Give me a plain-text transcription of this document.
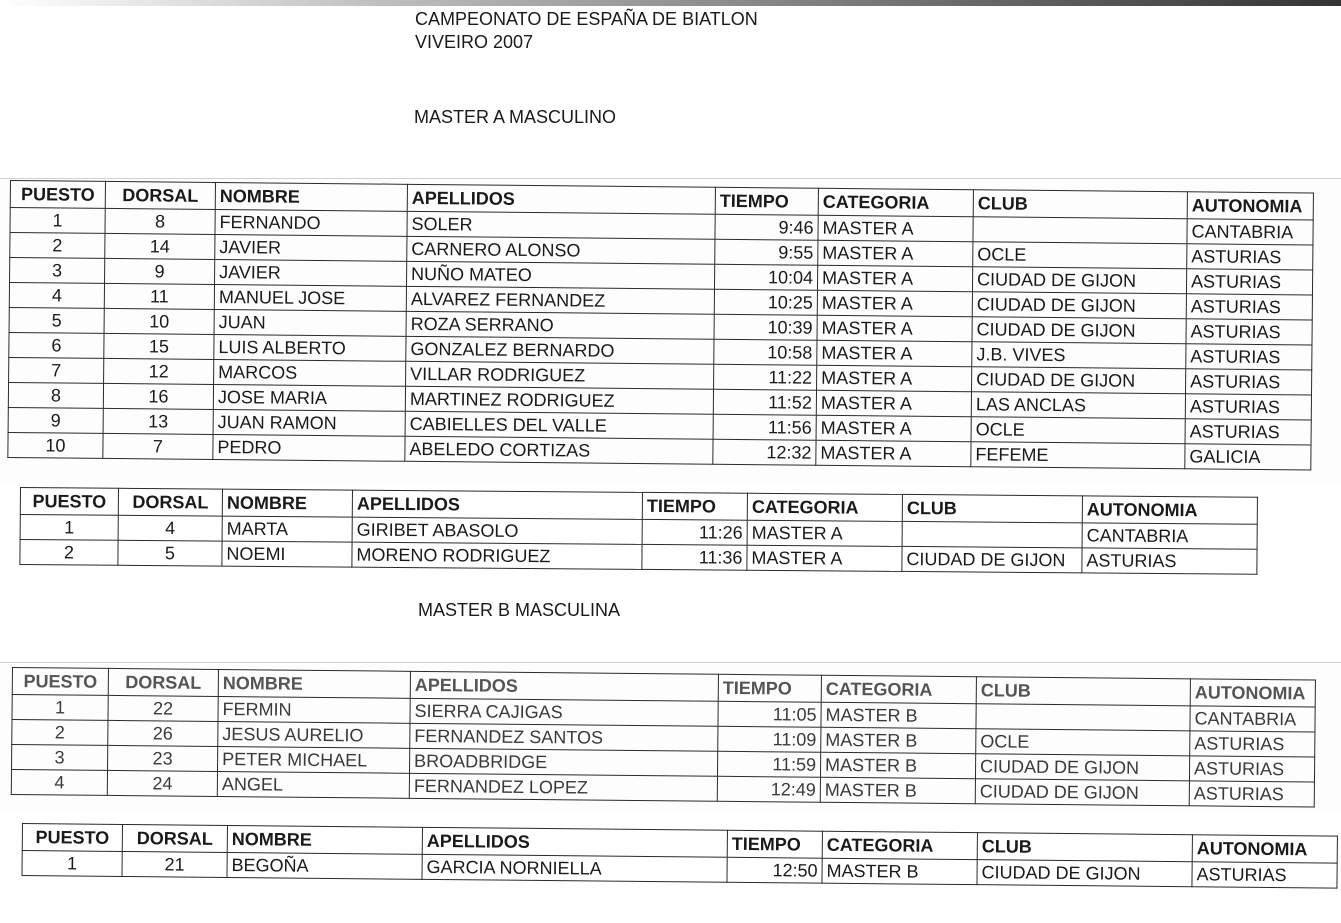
CAMPEONATO DE ESPAÑA DE BIATLON
VIVEIRO 2007
MASTER A MASCULINO
PUESTO	DORSAL	NOMBRE	APELLIDOS	TIEMPO	CATEGORIA	CLUB	AUTONOMIA
1	8	FERNANDO	SOLER	9:46	MASTER A		CANTABRIA
2	14	JAVIER	CARNERO ALONSO	9:55	MASTER A	OCLE	ASTURIAS
3	9	JAVIER	NUÑO MATEO	10:04	MASTER A	CIUDAD DE GIJON	ASTURIAS
4	11	MANUEL JOSE	ALVAREZ FERNANDEZ	10:25	MASTER A	CIUDAD DE GIJON	ASTURIAS
5	10	JUAN	ROZA SERRANO	10:39	MASTER A	CIUDAD DE GIJON	ASTURIAS
6	15	LUIS ALBERTO	GONZALEZ BERNARDO	10:58	MASTER A	J.B. VIVES	ASTURIAS
7	12	MARCOS	VILLAR RODRIGUEZ	11:22	MASTER A	CIUDAD DE GIJON	ASTURIAS
8	16	JOSE MARIA	MARTINEZ RODRIGUEZ	11:52	MASTER A	LAS ANCLAS	ASTURIAS
9	13	JUAN RAMON	CABIELLES DEL VALLE	11:56	MASTER A	OCLE	ASTURIAS
10	7	PEDRO	ABELEDO CORTIZAS	12:32	MASTER A	FEFEME	GALICIA
PUESTO	DORSAL	NOMBRE	APELLIDOS	TIEMPO	CATEGORIA	CLUB	AUTONOMIA
1	4	MARTA	GIRIBET ABASOLO	11:26	MASTER A		CANTABRIA
2	5	NOEMI	MORENO RODRIGUEZ	11:36	MASTER A	CIUDAD DE GIJON	ASTURIAS
MASTER B MASCULINA
PUESTO	DORSAL	NOMBRE	APELLIDOS	TIEMPO	CATEGORIA	CLUB	AUTONOMIA
1	22	FERMIN	SIERRA CAJIGAS	11:05	MASTER B		CANTABRIA
2	26	JESUS AURELIO	FERNANDEZ SANTOS	11:09	MASTER B	OCLE	ASTURIAS
3	23	PETER MICHAEL	BROADBRIDGE	11:59	MASTER B	CIUDAD DE GIJON	ASTURIAS
4	24	ANGEL	FERNANDEZ LOPEZ	12:49	MASTER B	CIUDAD DE GIJON	ASTURIAS
PUESTO	DORSAL	NOMBRE	APELLIDOS	TIEMPO	CATEGORIA	CLUB	AUTONOMIA
1	21	BEGOÑA	GARCIA NORNIELLA	12:50	MASTER B	CIUDAD DE GIJON	ASTURIAS
